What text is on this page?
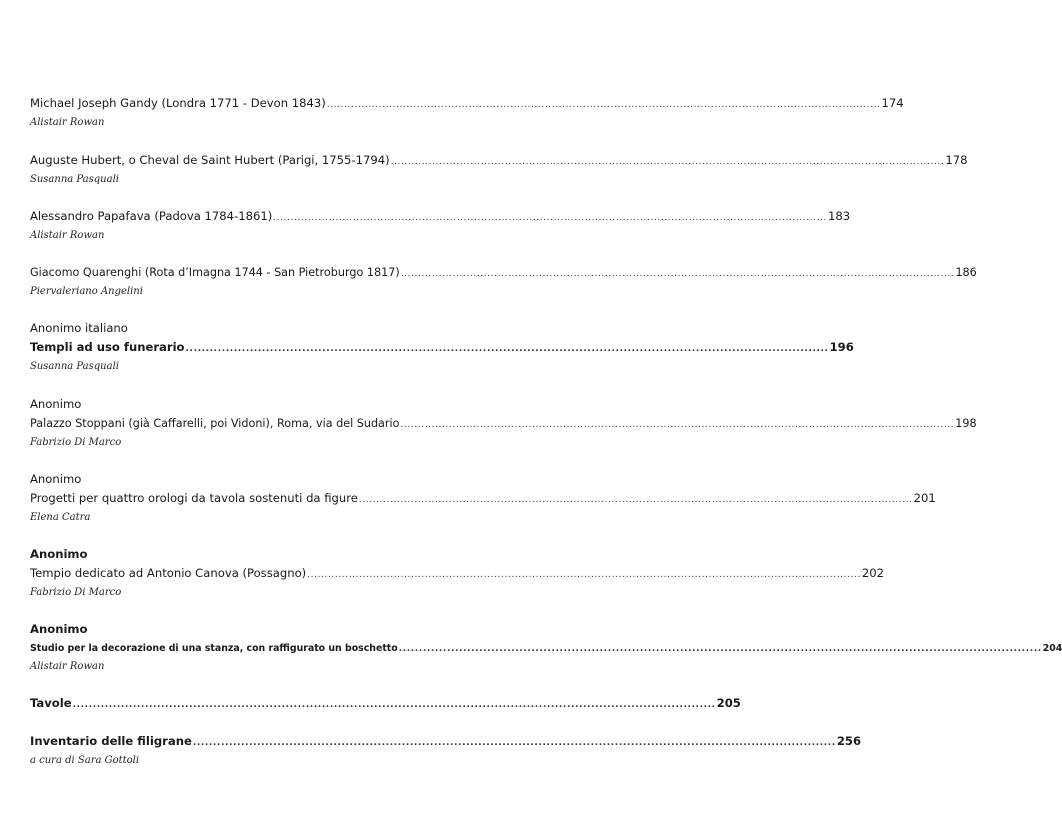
Michael Joseph Gandy (Londra 1771 - Devon 1843) .....	174
Alistair Rowan
Auguste Hubert, o Cheval de Saint Hubert (Parigi, 1755-1794) .....	178
Susanna Pasquali
Alessandro Papafava (Padova 1784-1861) .....	183
Alistair Rowan
Giacomo Quarenghi (Rota d’Imagna 1744 - San Pietroburgo 1817) .....	186
Piervaleriano Angelini
Anonimo italiano
Templi ad uso funerario .....	196
Susanna Pasquali
Anonimo
Palazzo Stoppani (già Caffarelli, poi Vidoni), Roma, via del Sudario .....	198
Fabrizio Di Marco
Anonimo
Progetti per quattro orologi da tavola sostenuti da figure .....	201
Elena Catra
Anonimo
Tempio dedicato ad Antonio Canova (Possagno) .....	202
Fabrizio Di Marco
Anonimo
Studio per la decorazione di una stanza, con raffigurato un boschetto .....	204
Alistair Rowan
Tavole .....	205
Inventario delle filigrane .....	256
a cura di Sara Gottoli
